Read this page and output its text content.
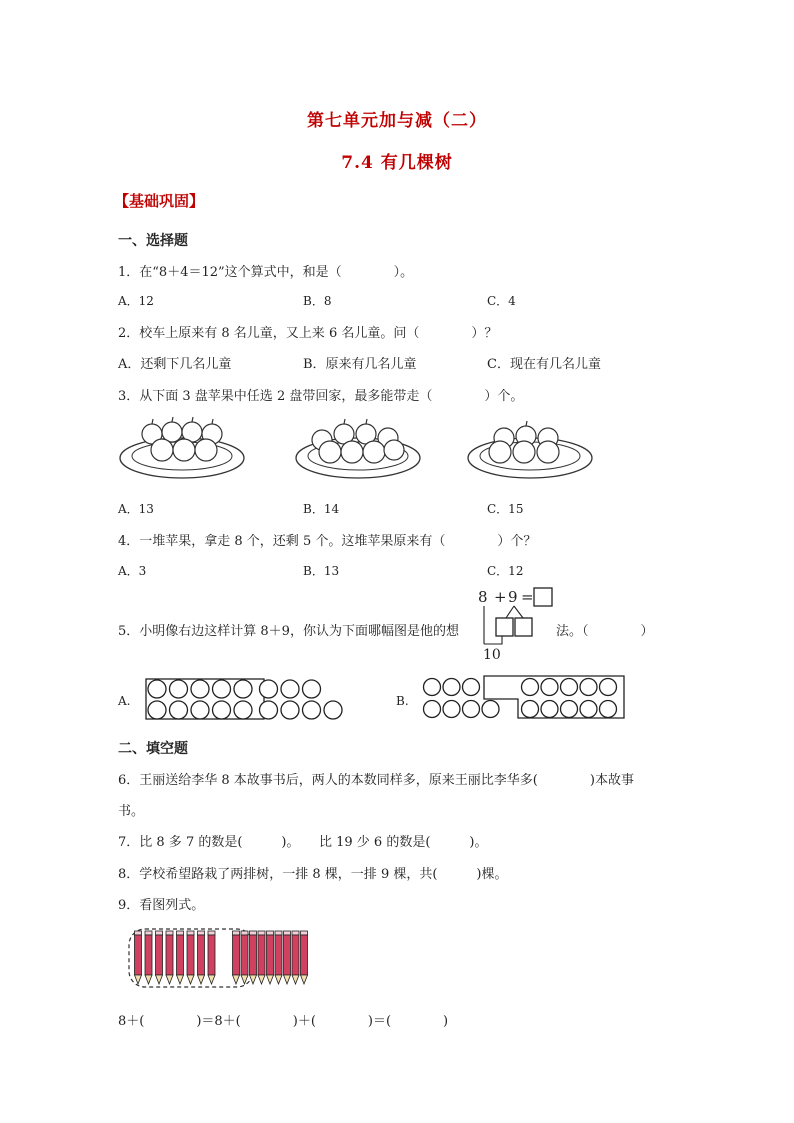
第七单元加与减（二）
7.4 有几棵树
【基础巩固】
一、选择题
1．在“8＋4＝12”这个算式中，和是（　　　　）。
A．12	B．8	C．4
2．校车上原来有 8 名儿童，又上来 6 名儿童。问（　　　　）？
A．还剩下几名儿童	B．原来有几名儿童	C．现在有几名儿童
3．从下面 3 盘苹果中任选 2 盘带回家，最多能带走（　　　　）个。
A．13	B．14	C．15
4．一堆苹果，拿走 8 个，还剩 5 个。这堆苹果原来有（　　　　）个？
A．3	B．13	C．12
5．小明像右边这样计算 8＋9，你认为下面哪幅图是他的想	法。（　　　　）
8 + 9 =
10
A.	B.
二、填空题
6．王丽送给李华 8 本故事书后，两人的本数同样多，原来王丽比李华多(　　　　)本故事
书。
7．比 8 多 7 的数是(　　　)。　　比 19 少 6 的数是(　　　)。
8．学校希望路栽了两排树，一排 8 棵，一排 9 棵，共(　　　)棵。
9．看图列式。
8＋(　　　　)＝8＋(　　　　)＋(　　　　)＝(　　　　)
